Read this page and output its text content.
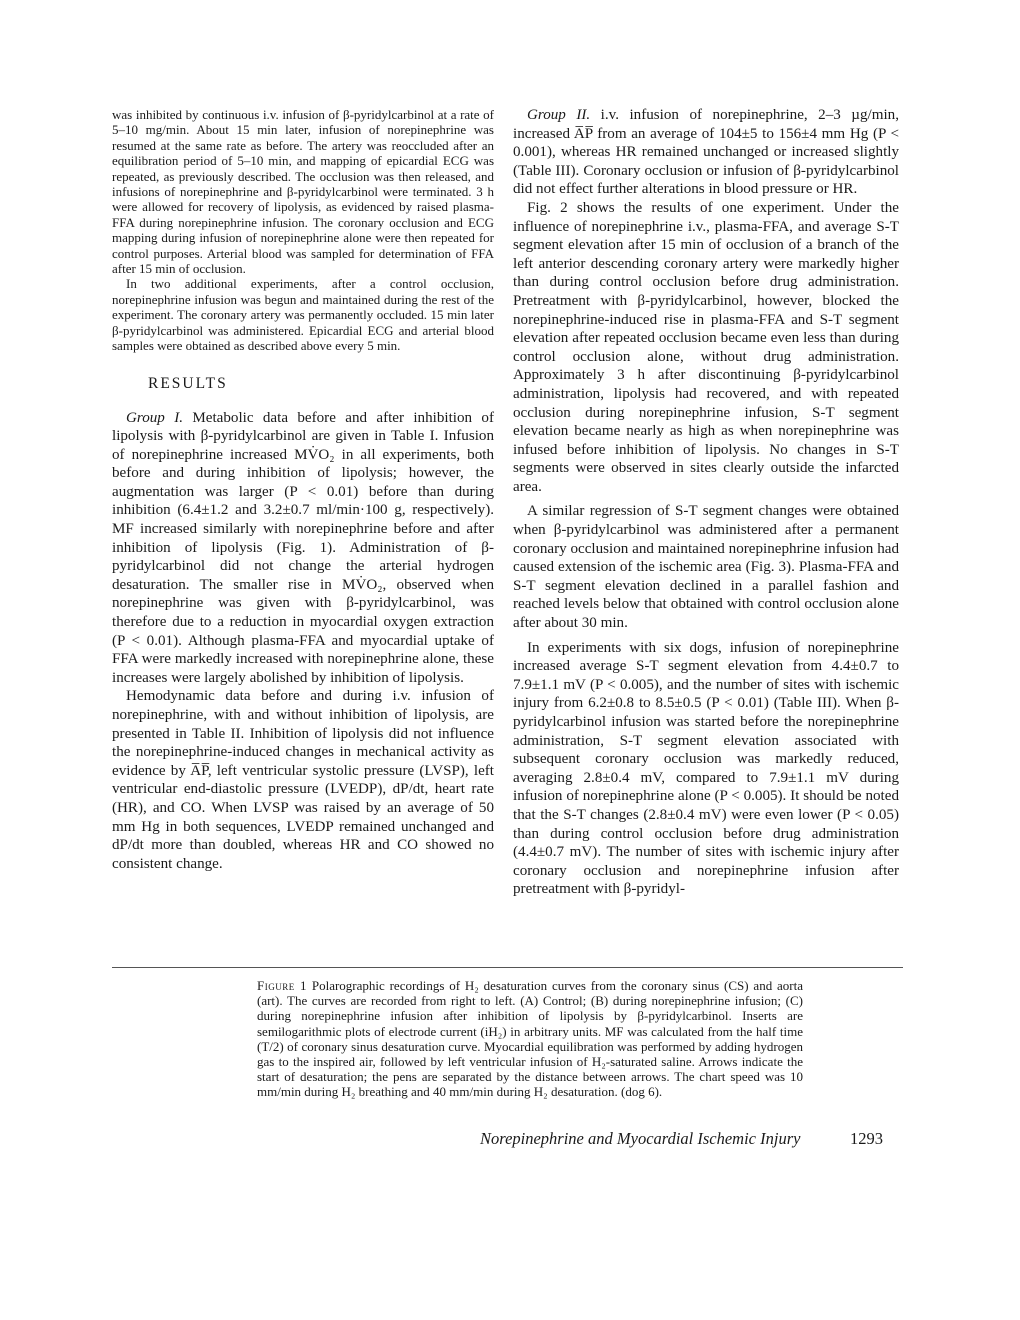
was inhibited by continuous i.v. infusion of β-pyridylcarbinol at a rate of 5–10 mg/min. About 15 min later, infusion of norepinephrine was resumed at the same rate as before. The artery was reoccluded after an equilibration period of 5–10 min, and mapping of epicardial ECG was repeated, as previously described. The occlusion was then released, and infusions of norepinephrine and β-pyridylcarbinol were terminated. 3 h were allowed for recovery of lipolysis, as evidenced by raised plasma-FFA during norepinephrine infusion. The coronary occlusion and ECG mapping during infusion of norepinephrine alone were then repeated for control purposes. Arterial blood was sampled for determination of FFA after 15 min of occlusion.

In two additional experiments, after a control occlusion, norepinephrine infusion was begun and maintained during the rest of the experiment. The coronary artery was permanently occluded. 15 min later β-pyridylcarbinol was administered. Epicardial ECG and arterial blood samples were obtained as described above every 5 min.

RESULTS

Group I. Metabolic data before and after inhibition of lipolysis with β-pyridylcarbinol are given in Table I. Infusion of norepinephrine increased MV̇O₂ in all experiments, both before and during inhibition of lipolysis; however, the augmentation was larger (P < 0.01) before than during inhibition (6.4±1.2 and 3.2±0.7 ml/min·100 g, respectively). MF increased similarly with norepinephrine before and after inhibition of lipolysis (Fig. 1). Administration of β-pyridylcarbinol did not change the arterial hydrogen desaturation. The smaller rise in MV̇O₂, observed when norepinephrine was given with β-pyridylcarbinol, was therefore due to a reduction in myocardial oxygen extraction (P < 0.01). Although plasma-FFA and myocardial uptake of FFA were markedly increased with norepinephrine alone, these increases were largely abolished by inhibition of lipolysis.

Hemodynamic data before and during i.v. infusion of norepinephrine, with and without inhibition of lipolysis, are presented in Table II. Inhibition of lipolysis did not influence the norepinephrine-induced changes in mechanical activity as evidence by A̅P̅, left ventricular systolic pressure (LVSP), left ventricular end-diastolic pressure (LVEDP), dP/dt, heart rate (HR), and CO. When LVSP was raised by an average of 50 mm Hg in both sequences, LVEDP remained unchanged and dP/dt more than doubled, whereas HR and CO showed no consistent change.

Group II. i.v. infusion of norepinephrine, 2–3 µg/min, increased A̅P̅ from an average of 104±5 to 156±4 mm Hg (P < 0.001), whereas HR remained unchanged or increased slightly (Table III). Coronary occlusion or infusion of β-pyridylcarbinol did not effect further alterations in blood pressure or HR.

Fig. 2 shows the results of one experiment. Under the influence of norepinephrine i.v., plasma-FFA, and average S-T segment elevation after 15 min of occlusion of a branch of the left anterior descending coronary artery were markedly higher than during control occlusion before drug administration. Pretreatment with β-pyridylcarbinol, however, blocked the norepinephrine-induced rise in plasma-FFA and S-T segment elevation after repeated occlusion became even less than during control occlusion alone, without drug administration. Approximately 3 h after discontinuing β-pyridylcarbinol administration, lipolysis had recovered, and with repeated occlusion during norepinephrine infusion, S-T segment elevation became nearly as high as when norepinephrine was infused before inhibition of lipolysis. No changes in S-T segments were observed in sites clearly outside the infarcted area.

A similar regression of S-T segment changes were obtained when β-pyridylcarbinol was administered after a permanent coronary occlusion and maintained norepinephrine infusion had caused extension of the ischemic area (Fig. 3). Plasma-FFA and S-T segment elevation declined in a parallel fashion and reached levels below that obtained with control occlusion alone after about 30 min.

In experiments with six dogs, infusion of norepinephrine increased average S-T segment elevation from 4.4±0.7 to 7.9±1.1 mV (P < 0.005), and the number of sites with ischemic injury from 6.2±0.8 to 8.5±0.5 (P < 0.01) (Table III). When β-pyridylcarbinol infusion was started before the norepinephrine administration, S-T segment elevation associated with subsequent coronary occlusion was markedly reduced, averaging 2.8±0.4 mV, compared to 7.9±1.1 mV during infusion of norepinephrine alone (P < 0.005). It should be noted that the S-T changes (2.8±0.4 mV) were even lower (P < 0.05) than during control occlusion before drug administration (4.4±0.7 mV). The number of sites with ischemic injury after coronary occlusion and norepinephrine infusion after pretreatment with β-pyridyl-

Figure 1 Polarographic recordings of H₂ desaturation curves from the coronary sinus (CS) and aorta (art). The curves are recorded from right to left. (A) Control; (B) during norepinephrine infusion; (C) during norepinephrine infusion after inhibition of lipolysis by β-pyridylcarbinol. Inserts are semilogarithmic plots of electrode current (iH₂) in arbitrary units. MF was calculated from the half time (T/2) of coronary sinus desaturation curve. Myocardial equilibration was performed by adding hydrogen gas to the inspired air, followed by left ventricular infusion of H₂-saturated saline. Arrows indicate the start of desaturation; the pens are separated by the distance between arrows. The chart speed was 10 mm/min during H₂ breathing and 40 mm/min during H₂ desaturation. (dog 6).

Norepinephrine and Myocardial Ischemic Injury	1293
